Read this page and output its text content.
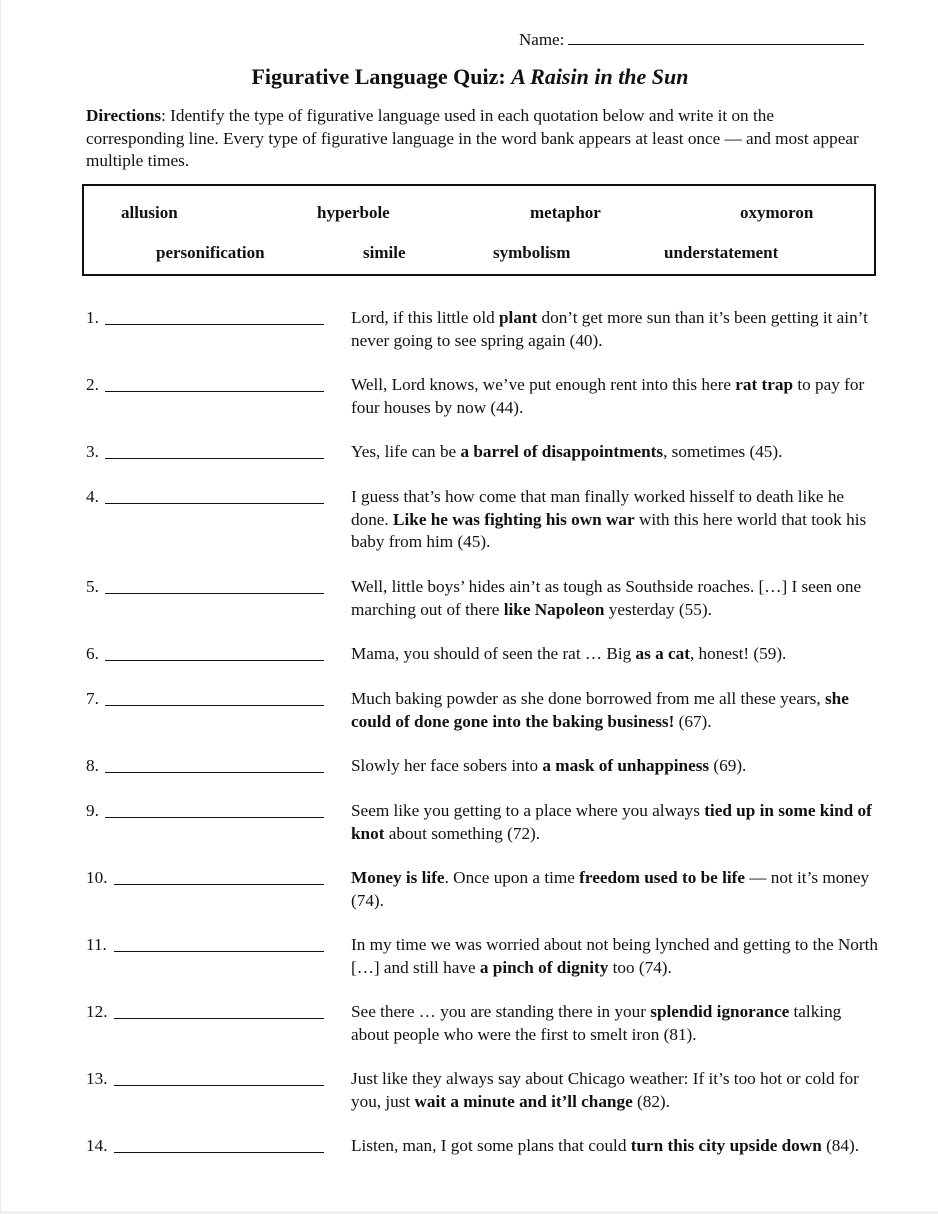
Name:
Figurative Language Quiz: A Raisin in the Sun
Directions: Identify the type of figurative language used in each quotation below and write it on the corresponding line. Every type of figurative language in the word bank appears at least once — and most appear multiple times.
allusion	hyperbole	metaphor	oxymoron
personification	simile	symbolism	understatement
1.	Lord, if this little old plant don’t get more sun than it’s been getting it ain’t never going to see spring again (40).
2.	Well, Lord knows, we’ve put enough rent into this here rat trap to pay for four houses by now (44).
3.	Yes, life can be a barrel of disappointments, sometimes (45).
4.	I guess that’s how come that man finally worked hisself to death like he done. Like he was fighting his own war with this here world that took his baby from him (45).
5.	Well, little boys’ hides ain’t as tough as Southside roaches. […] I seen one marching out of there like Napoleon yesterday (55).
6.	Mama, you should of seen the rat … Big as a cat, honest! (59).
7.	Much baking powder as she done borrowed from me all these years, she could of done gone into the baking business! (67).
8.	Slowly her face sobers into a mask of unhappiness (69).
9.	Seem like you getting to a place where you always tied up in some kind of knot about something (72).
10.	Money is life. Once upon a time freedom used to be life — not it’s money (74).
11.	In my time we was worried about not being lynched and getting to the North […] and still have a pinch of dignity too (74).
12.	See there … you are standing there in your splendid ignorance talking about people who were the first to smelt iron (81).
13.	Just like they always say about Chicago weather: If it’s too hot or cold for you, just wait a minute and it’ll change (82).
14.	Listen, man, I got some plans that could turn this city upside down (84).
